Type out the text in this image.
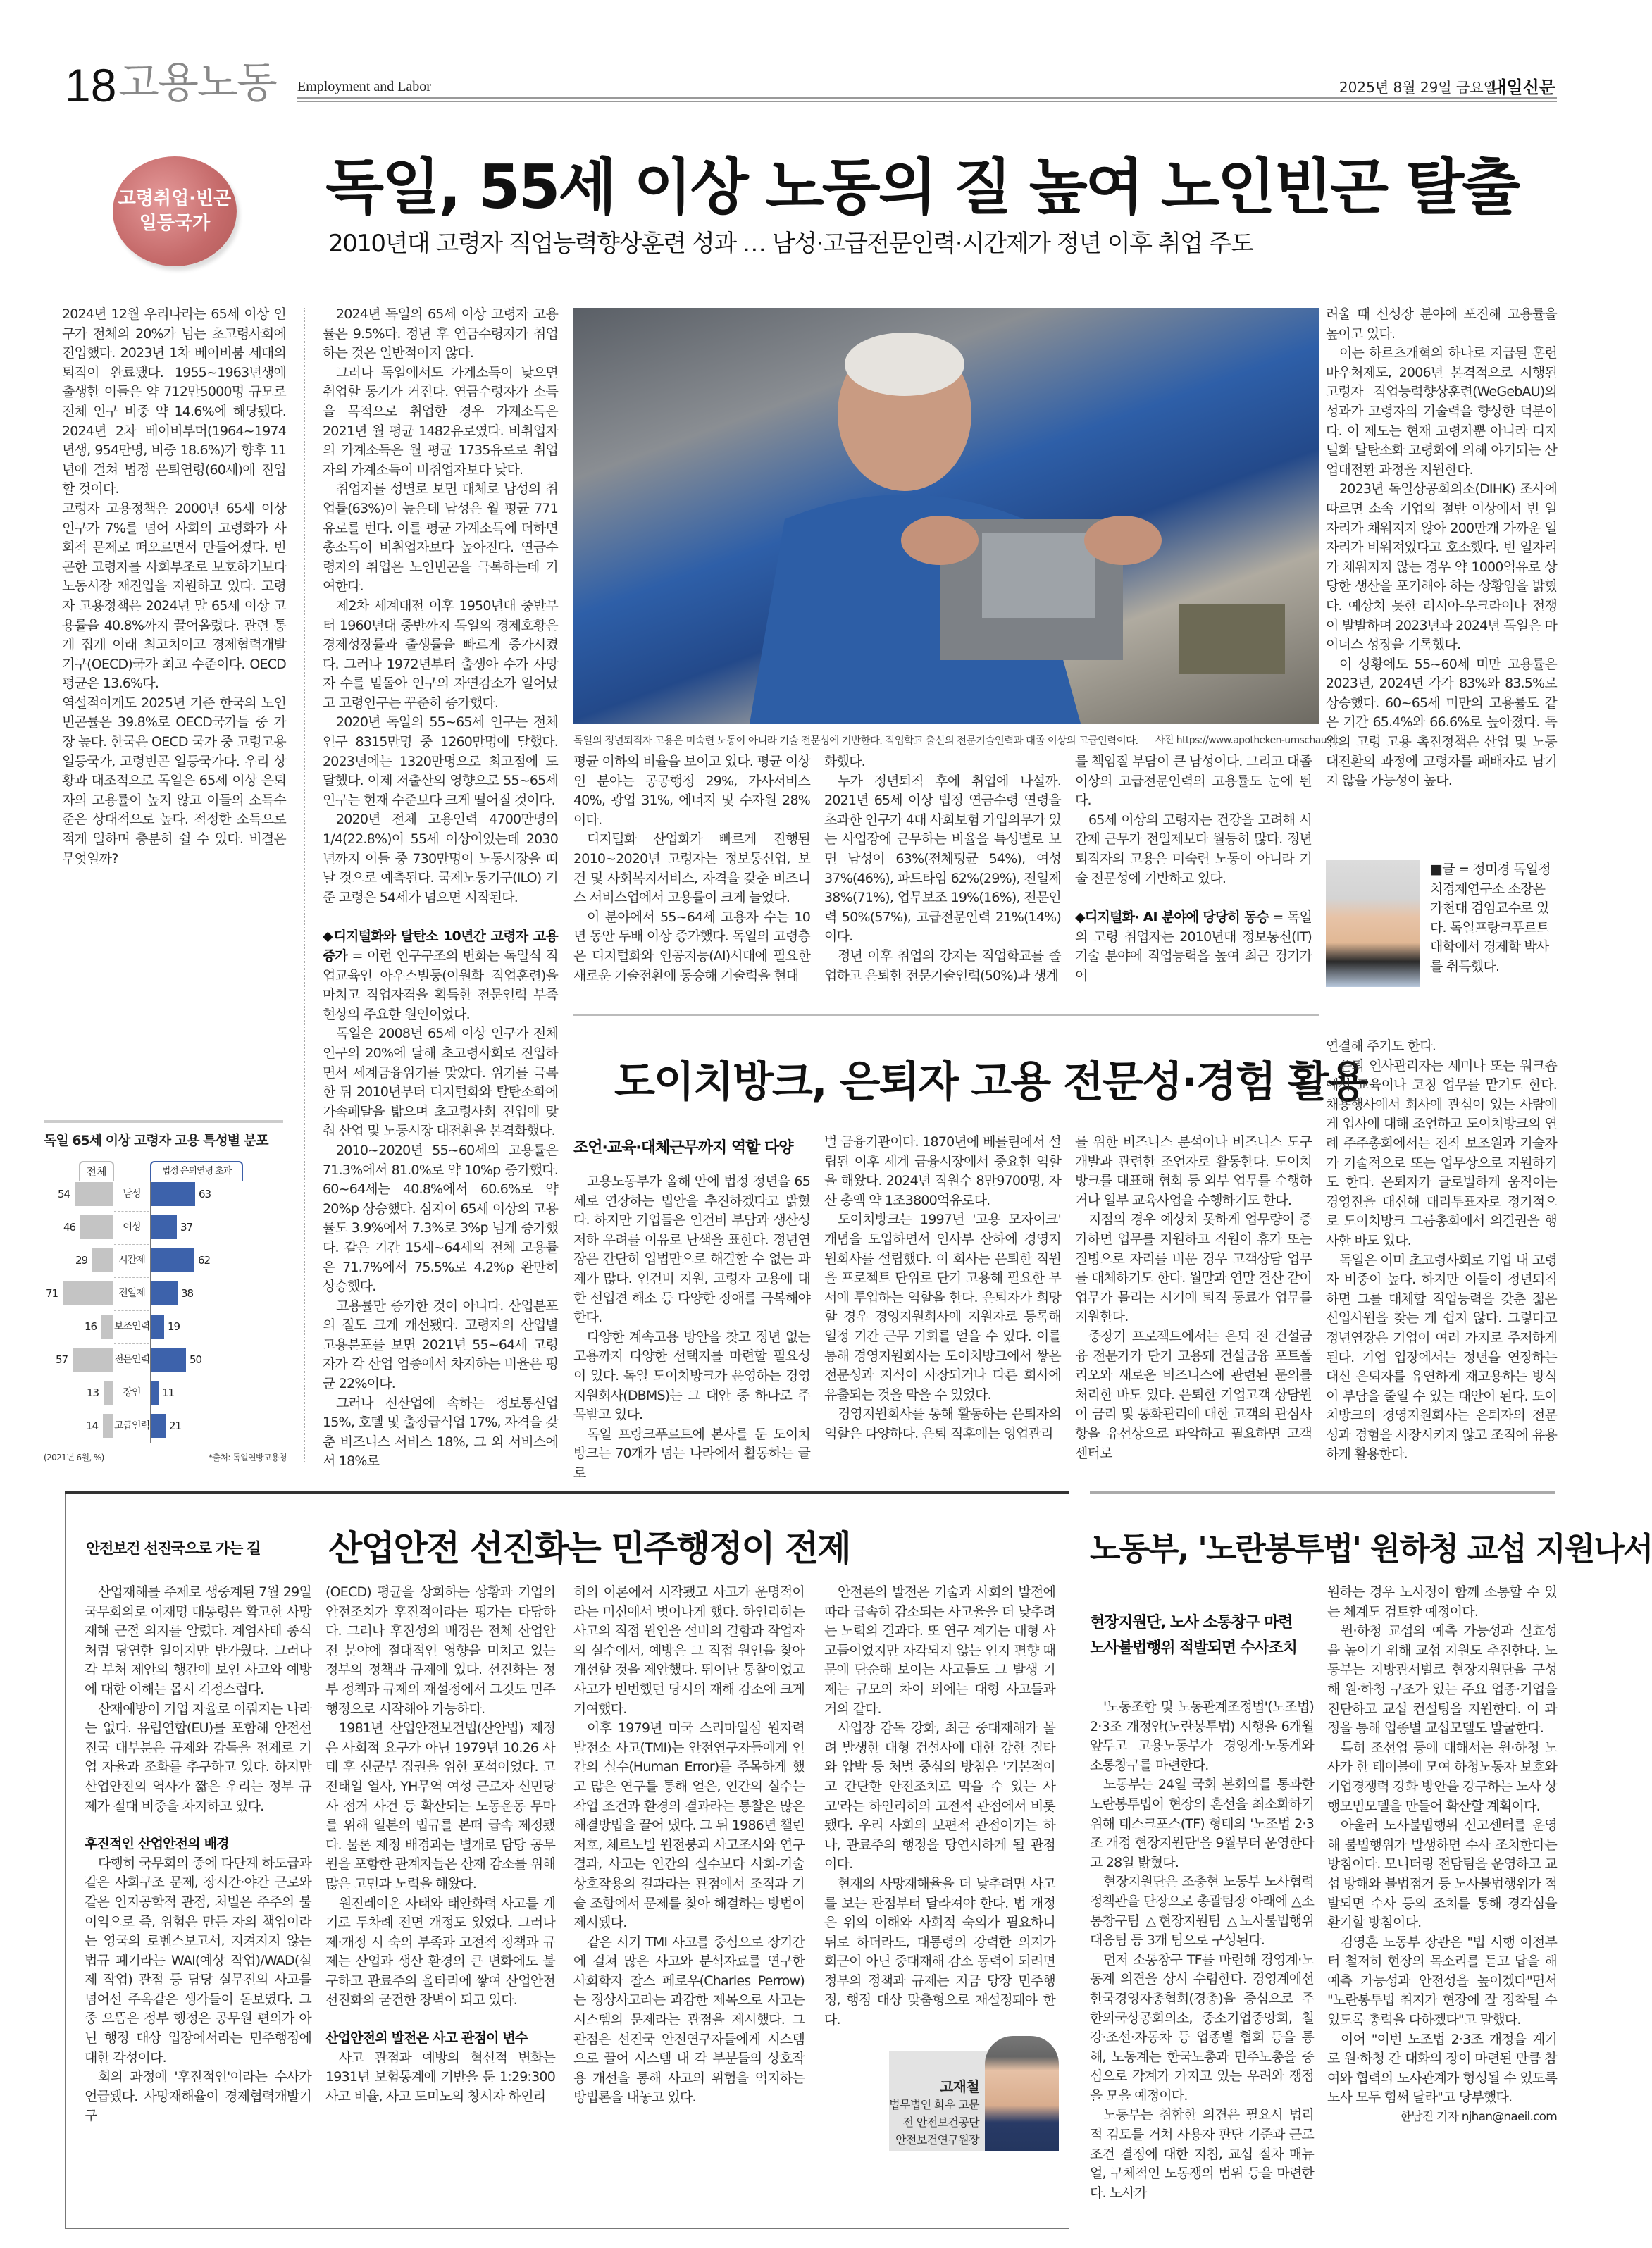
18 고용노동 Employment and Labor	2025년 8월 29일 금요일
내일신문
고령취업·빈곤
일등국가
독일, 55세 이상 노동의 질 높여 노인빈곤 탈출
2010년대 고령자 직업능력향상훈련 성과 … 남성·고급전문인력·시간제가 정년 이후 취업 주도

2024년 12월 우리나라는 65세 이상 인구가 전체의 20%가 넘는 초고령사회에 진입했다. 2023년 1차 베이비붐 세대의 퇴직이 완료됐다. 1955~1963년생에 출생한 이들은 약 712만5000명 규모로 전체 인구 비중 약 14.6%에 해당됐다. 2024년 2차 베이비부머(1964~1974년생, 954만명, 비중 18.6%)가 향후 11년에 걸쳐 법정 은퇴연령(60세)에 진입할 것이다.

고령자 고용정책은 2000년 65세 이상 인구가 7%를 넘어 사회의 고령화가 사회적 문제로 떠오르면서 만들어졌다. 빈곤한 고령자를 사회부조로 보호하기보다 노동시장 재진입을 지원하고 있다. 고령자 고용정책은 2024년 말 65세 이상 고용률을 40.8%까지 끌어올렸다. 관련 통계 집계 이래 최고치이고 경제협력개발기구(OECD)국가 최고 수준이다. OECD 평균은 13.6%다.

역설적이게도 2025년 기준 한국의 노인빈곤률은 39.8%로 OECD국가들 중 가장 높다. 한국은 OECD 국가 중 고령고용 일등국가, 고령빈곤 일등국가다. 우리 상황과 대조적으로 독일은 65세 이상 은퇴자의 고용률이 높지 않고 이들의 소득수준은 상대적으로 높다. 적정한 소득으로 적게 일하며 충분히 쉴 수 있다. 비결은 무엇일까?

2024년 독일의 65세 이상 고령자 고용률은 9.5%다. 정년 후 연금수령자가 취업하는 것은 일반적이지 않다.

그러나 독일에서도 가계소득이 낮으면 취업할 동기가 커진다. 연금수령자가 소득을 목적으로 취업한 경우 가계소득은 2021년 월 평균 1482유로였다. 비취업자의 가계소득은 월 평균 1735유로로 취업자의 가계소득이 비취업자보다 낮다.

취업자를 성별로 보면 대체로 남성의 취업률(63%)이 높은데 남성은 월 평균 771유로를 번다. 이를 평균 가계소득에 더하면 총소득이 비취업자보다 높아진다. 연금수령자의 취업은 노인빈곤을 극복하는데 기여한다.

제2차 세계대전 이후 1950년대 중반부터 1960년대 중반까지 독일의 경제호황은 경제성장률과 출생률을 빠르게 증가시켰다. 그러나 1972년부터 출생아 수가 사망자 수를 밑돌아 인구의 자연감소가 일어났고 고령인구는 꾸준히 증가했다.

2020년 독일의 55~65세 인구는 전체 인구 8315만명 중 1260만명에 달했다. 2023년에는 1320만명으로 최고점에 도달했다. 이제 저출산의 영향으로 55~65세 인구는 현재 수준보다 크게 떨어질 것이다.

2020년 전체 고용인력 4700만명의 1/4(22.8%)이 55세 이상이었는데 2030년까지 이들 중 730만명이 노동시장을 떠날 것으로 예측된다. 국제노동기구(ILO) 기준 고령은 54세가 넘으면 시작된다.

◆디지털화와 탈탄소 10년간 고령자 고용증가 = 이런 인구구조의 변화는 독일식 직업교육인 아우스빌둥(이원화 직업훈련)을 마치고 직업자격을 획득한 전문인력 부족 현상의 주요한 원인이었다.

독일은 2008년 65세 이상 인구가 전체 인구의 20%에 달해 초고령사회로 진입하면서 세계금융위기를 맞았다. 위기를 극복한 뒤 2010년부터 디지털화와 탈탄소화에 가속페달을 밟으며 초고령사회 진입에 맞춰 산업 및 노동시장 대전환을 본격화했다.

2010~2020년 55~60세의 고용률은 71.3%에서 81.0%로 약 10%p 증가했다. 60~64세는 40.8%에서 60.6%로 약 20%p 상승했다. 심지어 65세 이상의 고용률도 3.9%에서 7.3%로 3%p 넘게 증가했다. 같은 기간 15세~64세의 전체 고용률은 71.7%에서 75.5%로 4.2%p 완만히 상승했다.

고용률만 증가한 것이 아니다. 산업분포의 질도 크게 개선됐다. 고령자의 산업별 고용분포를 보면 2021년 55~64세 고령자가 각 산업 업종에서 차지하는 비율은 평균 22%이다.

그러나 신산업에 속하는 정보통신업 15%, 호텔 및 출장급식업 17%, 자격을 갖춘 비즈니스 서비스 18%, 그 외 서비스에서 18%로

독일의 정년퇴직자 고용은 미숙련 노동이 아니라 기술 전문성에 기반한다. 직업학교 출신의 전문기술인력과 대졸 이상의 고급인력이다. 사진 https://www.apotheken-umschau.de

평균 이하의 비율을 보이고 있다. 평균 이상인 분야는 공공행정 29%, 가사서비스 40%, 광업 31%, 에너지 및 수자원 28%이다.

디지털화 산업화가 빠르게 진행된 2010~2020년 고령자는 정보통신업, 보건 및 사회복지서비스, 자격을 갖춘 비즈니스 서비스업에서 고용률이 크게 늘었다.

이 분야에서 55~64세 고용자 수는 10년 동안 두배 이상 증가했다. 독일의 고령층은 디지털화와 인공지능(AI)시대에 필요한 새로운 기술전환에 동승해 기술력을 현대

화했다.

누가 정년퇴직 후에 취업에 나설까. 2021년 65세 이상 법정 연금수령 연령을 초과한 인구가 4대 사회보험 가입의무가 있는 사업장에 근무하는 비율을 특성별로 보면 남성이 63%(전체평균 54%), 여성 37%(46%), 파트타임 62%(29%), 전일제 38%(71%), 업무보조 19%(16%), 전문인력 50%(57%), 고급전문인력 21%(14%)이다.

정년 이후 취업의 강자는 직업학교를 졸업하고 은퇴한 전문기술인력(50%)과 생계

를 책임질 부담이 큰 남성이다. 그리고 대졸 이상의 고급전문인력의 고용률도 눈에 띈다.

65세 이상의 고령자는 건강을 고려해 시간제 근무가 전일제보다 월등히 많다. 정년퇴직자의 고용은 미숙련 노동이 아니라 기술 전문성에 기반하고 있다.

◆디지털화· AI 분야에 당당히 동승 = 독일의 고령 취업자는 2010년대 정보통신(IT) 기술 분야에 직업능력을 높여 최근 경기가 어

려울 때 신성장 분야에 포진해 고용률을 높이고 있다.

이는 하르츠개혁의 하나로 지급된 훈련바우처제도, 2006년 본격적으로 시행된 고령자 직업능력향상훈련(WeGebAU)의 성과가 고령자의 기술력을 향상한 덕분이다. 이 제도는 현재 고령자뿐 아니라 디지털화 탈탄소화 고령화에 의해 야기되는 산업대전환 과정을 지원한다.

2023년 독일상공회의소(DIHK) 조사에 따르면 소속 기업의 절반 이상에서 빈 일자리가 채워지지 않아 200만개 가까운 일자리가 비워져있다고 호소했다. 빈 일자리가 채워지지 않는 경우 약 1000억유로 상당한 생산을 포기해야 하는 상황임을 밝혔다. 예상치 못한 러시아-우크라이나 전쟁이 발발하며 2023년과 2024년 독일은 마이너스 성장을 기록했다.

이 상황에도 55~60세 미만 고용률은 2023년, 2024년 각각 83%와 83.5%로 상승했다. 60~65세 미만의 고용률도 같은 기간 65.4%와 66.6%로 높아졌다. 독일의 고령 고용 촉진정책은 산업 및 노동 대전환의 과정에 고령자를 패배자로 남기지 않을 가능성이 높다.

■글 = 정미경 독일정치경제연구소 소장은 가천대 겸임교수로 있다. 독일프랑크푸르트 대학에서 경제학 박사를 취득했다.
독일 65세 이상 고령자 고용 특성별 분포
전체	법정 은퇴연령 초과
54	63
남성
46	37
여성
29	62
시간제
71	38
전일제
16	19
보조인력
57	50
전문인력
13	11
장인
14	21
고급인력
(2021년 6월, %)	*출처: 독일연방고용청
도이치방크, 은퇴자 고용 전문성·경험 활용
조언·교육·대체근무까지 역할 다양

고용노동부가 올해 안에 법정 정년을 65세로 연장하는 법안을 추진하겠다고 밝혔다. 하지만 기업들은 인건비 부담과 생산성 저하 우려를 이유로 난색을 표한다. 정년연장은 간단히 입법만으로 해결할 수 없는 과제가 많다. 인건비 지원, 고령자 고용에 대한 선입견 해소 등 다양한 장애를 극복해야 한다.

다양한 계속고용 방안을 찾고 정년 없는 고용까지 다양한 선택지를 마련할 필요성이 있다. 독일 도이치방크가 운영하는 경영지원회사(DBMS)는 그 대안 중 하나로 주목받고 있다.

독일 프랑크푸르트에 본사를 둔 도이치방크는 70개가 넘는 나라에서 활동하는 글로

벌 금융기관이다. 1870년에 베를린에서 설립된 이후 세계 금융시장에서 중요한 역할을 해왔다. 2024년 직원수 8만9700명, 자산 총액 약 1조3800억유로다.

도이치방크는 1997년 '고용 모자이크' 개념을 도입하면서 인사부 산하에 경영지원회사를 설립했다. 이 회사는 은퇴한 직원을 프로젝트 단위로 단기 고용해 필요한 부서에 투입하는 역할을 한다. 은퇴자가 희망할 경우 경영지원회사에 지원자로 등록해 일정 기간 근무 기회를 얻을 수 있다. 이를 통해 경영지원회사는 도이치방크에서 쌓은 전문성과 지식이 사장되거나 다른 회사에 유출되는 것을 막을 수 있었다.

경영지원회사를 통해 활동하는 은퇴자의 역할은 다양하다. 은퇴 직후에는 영업관리

를 위한 비즈니스 분석이나 비즈니스 도구 개발과 관련한 조언자로 활동한다. 도이치방크를 대표해 협회 등 외부 업무를 수행하거나 일부 교육사업을 수행하기도 한다.

지점의 경우 예상치 못하게 업무량이 증가하면 업무를 지원하고 직원이 휴가 또는 질병으로 자리를 비운 경우 고객상담 업무를 대체하기도 한다. 월말과 연말 결산 같이 업무가 몰리는 시기에 퇴직 동료가 업무를 지원한다.

중장기 프로젝트에서는 은퇴 전 건설금융 전문가가 단기 고용돼 건설금융 포트폴리오와 새로운 비즈니스에 관련된 문의를 처리한 바도 있다. 은퇴한 기업고객 상담원이 금리 및 통화관리에 대한 고객의 관심사항을 유선상으로 파악하고 필요하면 고객센터로

연결해 주기도 한다.

은퇴 인사관리자는 세미나 또는 워크숍에서 교육이나 코칭 업무를 맡기도 한다. 채용행사에서 회사에 관심이 있는 사람에게 입사에 대해 조언하고 도이치방크의 연례 주주총회에서는 전직 보조원과 기술자가 기술적으로 또는 업무상으로 지원하기도 한다. 은퇴자가 글로벌하게 움직이는 경영진을 대신해 대리투표자로 정기적으로 도이치방크 그룹총회에서 의결권을 행사한 바도 있다.

독일은 이미 초고령사회로 기업 내 고령자 비중이 높다. 하지만 이들이 정년퇴직하면 그를 대체할 직업능력을 갖춘 젊은 신입사원을 찾는 게 쉽지 않다. 그렇다고 정년연장은 기업이 여러 가지로 주저하게 된다. 기업 입장에서는 정년을 연장하는 대신 은퇴자를 유연하게 재고용하는 방식이 부담을 줄일 수 있는 대안이 된다. 도이치방크의 경영지원회사는 은퇴자의 전문성과 경험을 사장시키지 않고 조직에 유용하게 활용한다.

안전보건 선진국으로 가는 길 산업안전 선진화는 민주행정이 전제

산업재해를 주제로 생중계된 7월 29일 국무회의로 이재명 대통령은 확고한 사망재해 근절 의지를 알렸다. 계엄사태 종식처럼 당연한 일이지만 반가웠다. 그러나 각 부처 제안의 행간에 보인 사고와 예방에 대한 이해는 몹시 걱정스럽다.

산재예방이 기업 자율로 이뤄지는 나라는 없다. 유럽연합(EU)를 포함해 안전선진국 대부분은 규제와 감독을 전제로 기업 자율과 조화를 추구하고 있다. 하지만 산업안전의 역사가 짧은 우리는 정부 규제가 절대 비중을 차지하고 있다.

후진적인 산업안전의 배경

다행히 국무회의 중에 다단계 하도급과 같은 사회구조 문제, 장시간·야간 근로와 같은 인지공학적 관점, 처벌은 주주의 불이익으로 즉, 위험은 만든 자의 책임이라는 영국의 로벤스보고서, 지켜지지 않는 법규 폐기라는 WAI(예상 작업)/WAD(실제 작업) 관점 등 담당 실무진의 사고를 넘어선 주옥같은 생각들이 돋보였다. 그중 으뜸은 정부 행정은 공무원 편의가 아닌 행정 대상 입장에서라는 민주행정에 대한 각성이다.

회의 과정에 '후진적인'이라는 수사가 언급됐다. 사망재해율이 경제협력개발기구

(OECD) 평균을 상회하는 상황과 기업의 안전조치가 후진적이라는 평가는 타당하다. 그러나 후진성의 배경은 전체 산업안전 분야에 절대적인 영향을 미치고 있는 정부의 정책과 규제에 있다. 선진화는 정부 정책과 규제의 재설정에서 그것도 민주행정으로 시작해야 가능하다.

1981년 산업안전보건법(산안법) 제정은 사회적 요구가 아닌 1979년 10.26 사태 후 신군부 집권을 위한 포석이었다. 고 전태일 열사, YH무역 여성 근로자 신민당사 점거 사건 등 확산되는 노동운동 무마를 위해 일본의 법규를 본떠 급속 제정됐다. 물론 제정 배경과는 별개로 담당 공무원을 포함한 관계자들은 산재 감소를 위해 많은 고민과 노력을 해왔다.

원진레이온 사태와 태안화력 사고를 계기로 두차례 전면 개정도 있었다. 그러나 제·개정 시 숙의 부족과 고전적 정책과 규제는 산업과 생산 환경의 큰 변화에도 불구하고 관료주의 울타리에 쌓여 산업안전 선진화의 굳건한 장벽이 되고 있다.

산업안전의 발전은 사고 관점이 변수

사고 관점과 예방의 혁신적 변화는 1931년 보험통계에 기반을 둔 1:29:300 사고 비율, 사고 도미노의 창시자 하인리

히의 이론에서 시작됐고 사고가 운명적이라는 미신에서 벗어나게 했다. 하인리히는 사고의 직접 원인을 설비의 결함과 작업자의 실수에서, 예방은 그 직접 원인을 찾아 개선할 것을 제안했다. 뛰어난 통찰이었고 사고가 빈번했던 당시의 재해 감소에 크게 기여했다.

이후 1979년 미국 스리마일섬 원자력 발전소 사고(TMI)는 안전연구자들에게 인간의 실수(Human Error)를 주목하게 했고 많은 연구를 통해 얻은, 인간의 실수는 작업 조건과 환경의 결과라는 통찰은 많은 해결방법을 끌어 냈다. 그 뒤 1986년 챌린저호, 체르노빌 원전붕괴 사고조사와 연구결과, 사고는 인간의 실수보다 사회-기술 상호작용의 결과라는 관점에서 조직과 기술 조합에서 문제를 찾아 해결하는 방법이 제시됐다.

같은 시기 TMI 사고를 중심으로 장기간에 걸쳐 많은 사고와 분석자료를 연구한 사회학자 찰스 페로우(Charles Perrow)는 정상사고라는 과감한 제목으로 사고는 시스템의 문제라는 관점을 제시했다. 그 관점은 선진국 안전연구자들에게 시스템으로 끌어 시스템 내 각 부분들의 상호작용 개선을 통해 사고의 위험을 억지하는 방법론을 내놓고 있다.

안전론의 발전은 기술과 사회의 발전에 따라 급속히 감소되는 사고율을 더 낮추려는 노력의 결과다. 또 연구 계기는 대형 사고들이었지만 자각되지 않는 인지 편향 때문에 단순해 보이는 사고들도 그 발생 기제는 규모의 차이 외에는 대형 사고들과 거의 같다.

사업장 감독 강화, 최근 중대재해가 몰려 발생한 대형 건설사에 대한 강한 질타와 압박 등 처벌 중심의 방침은 '기본적이고 간단한 안전조치로 막을 수 있는 사고'라는 하인리히의 고전적 관점에서 비롯됐다. 우리 사회의 보편적 관점이기는 하나, 관료주의 행정을 당연시하게 될 관점이다.

현재의 사망재해율을 더 낮추려면 사고를 보는 관점부터 달라져야 한다. 법 개정은 위의 이해와 사회적 숙의가 필요하니 뒤로 하더라도, 대통령의 강력한 의지가 회근이 아닌 중대재해 감소 동력이 되려면 정부의 정책과 규제는 지금 당장 민주행정, 행정 대상 맞춤형으로 재설정돼야 한다.

고재철
법무법인 화우 고문
전 안전보건공단
안전보건연구원장
노동부, '노란봉투법' 원하청 교섭 지원나서
현장지원단, 노사 소통창구 마련
노사불법행위 적발되면 수사조치

'노동조합 및 노동관계조정법'(노조법) 2·3조 개정안(노란봉투법) 시행을 6개월 앞두고 고용노동부가 경영계·노동계와 소통창구를 마련한다.

노동부는 24일 국회 본회의를 통과한 노란봉투법이 현장의 혼선을 최소화하기 위해 태스크포스(TF) 형태의 '노조법 2·3조 개정 현장지원단'을 9월부터 운영한다고 28일 밝혔다.

현장지원단은 조충현 노동부 노사협력정책관을 단장으로 총괄팀장 아래에 △소통창구팀 △현장지원팀 △노사불법행위대응팀 등 3개 팀으로 구성된다.

먼저 소통창구 TF를 마련해 경영계·노동계 의견을 상시 수렴한다. 경영계에선 한국경영자총협회(경총)을 중심으로 주한외국상공회의소, 중소기업중앙회, 철강·조선·자동차 등 업종별 협회 등을 통해, 노동계는 한국노총과 민주노총을 중심으로 각계가 가지고 있는 우려와 쟁점을 모을 예정이다.

노동부는 취합한 의견은 필요시 법리적 검토를 거쳐 사용자 판단 기준과 근로조건 결정에 대한 지침, 교섭 절차 매뉴얼, 구체적인 노동쟁의 범위 등을 마련한다. 노사가

원하는 경우 노사정이 함께 소통할 수 있는 체계도 검토할 예정이다.

원·하청 교섭의 예측 가능성과 실효성을 높이기 위해 교섭 지원도 추진한다. 노동부는 지방관서별로 현장지원단을 구성해 원·하청 구조가 있는 주요 업종·기업을 진단하고 교섭 컨설팅을 지원한다. 이 과정을 통해 업종별 교섭모델도 발굴한다.

특히 조선업 등에 대해서는 원·하청 노사가 한 테이블에 모여 하청노동자 보호와 기업경쟁력 강화 방안을 강구하는 노사 상행모범모델을 만들어 확산할 계획이다.

아울러 노사불법행위 신고센터를 운영해 불법행위가 발생하면 수사 조치한다는 방침이다. 모니터링 전담팀을 운영하고 교섭 방해와 불법점거 등 노사불법행위가 적발되면 수사 등의 조치를 통해 경각심을 환기할 방침이다.

김영훈 노동부 장관은 "법 시행 이전부터 철저히 현장의 목소리를 듣고 답을 해 예측 가능성과 안전성을 높이겠다"면서 "노란봉투법 취지가 현장에 잘 정착될 수 있도록 총력을 다하겠다"고 말했다.

이어 "이번 노조법 2·3조 개정을 계기로 원·하청 간 대화의 장이 마련된 만큼 참여와 협력의 노사관계가 형성될 수 있도록 노사 모두 힘써 달라"고 당부했다.

한남진 기자 njhan@naeil.com
